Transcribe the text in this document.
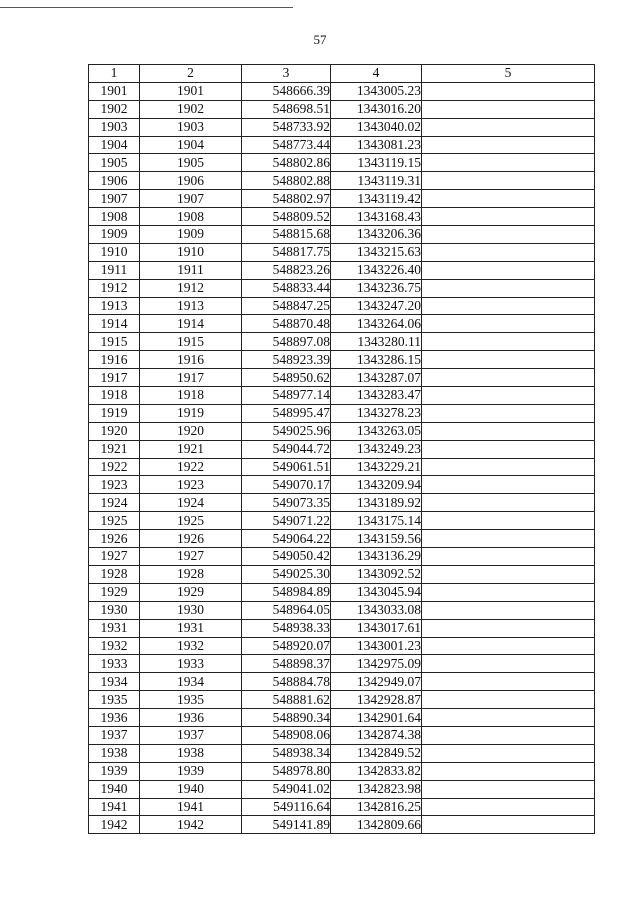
57
1	2	3	4	5
1901	1901	548666.39	1343005.23	
1902	1902	548698.51	1343016.20	
1903	1903	548733.92	1343040.02	
1904	1904	548773.44	1343081.23	
1905	1905	548802.86	1343119.15	
1906	1906	548802.88	1343119.31	
1907	1907	548802.97	1343119.42	
1908	1908	548809.52	1343168.43	
1909	1909	548815.68	1343206.36	
1910	1910	548817.75	1343215.63	
1911	1911	548823.26	1343226.40	
1912	1912	548833.44	1343236.75	
1913	1913	548847.25	1343247.20	
1914	1914	548870.48	1343264.06	
1915	1915	548897.08	1343280.11	
1916	1916	548923.39	1343286.15	
1917	1917	548950.62	1343287.07	
1918	1918	548977.14	1343283.47	
1919	1919	548995.47	1343278.23	
1920	1920	549025.96	1343263.05	
1921	1921	549044.72	1343249.23	
1922	1922	549061.51	1343229.21	
1923	1923	549070.17	1343209.94	
1924	1924	549073.35	1343189.92	
1925	1925	549071.22	1343175.14	
1926	1926	549064.22	1343159.56	
1927	1927	549050.42	1343136.29	
1928	1928	549025.30	1343092.52	
1929	1929	548984.89	1343045.94	
1930	1930	548964.05	1343033.08	
1931	1931	548938.33	1343017.61	
1932	1932	548920.07	1343001.23	
1933	1933	548898.37	1342975.09	
1934	1934	548884.78	1342949.07	
1935	1935	548881.62	1342928.87	
1936	1936	548890.34	1342901.64	
1937	1937	548908.06	1342874.38	
1938	1938	548938.34	1342849.52	
1939	1939	548978.80	1342833.82	
1940	1940	549041.02	1342823.98	
1941	1941	549116.64	1342816.25	
1942	1942	549141.89	1342809.66	
